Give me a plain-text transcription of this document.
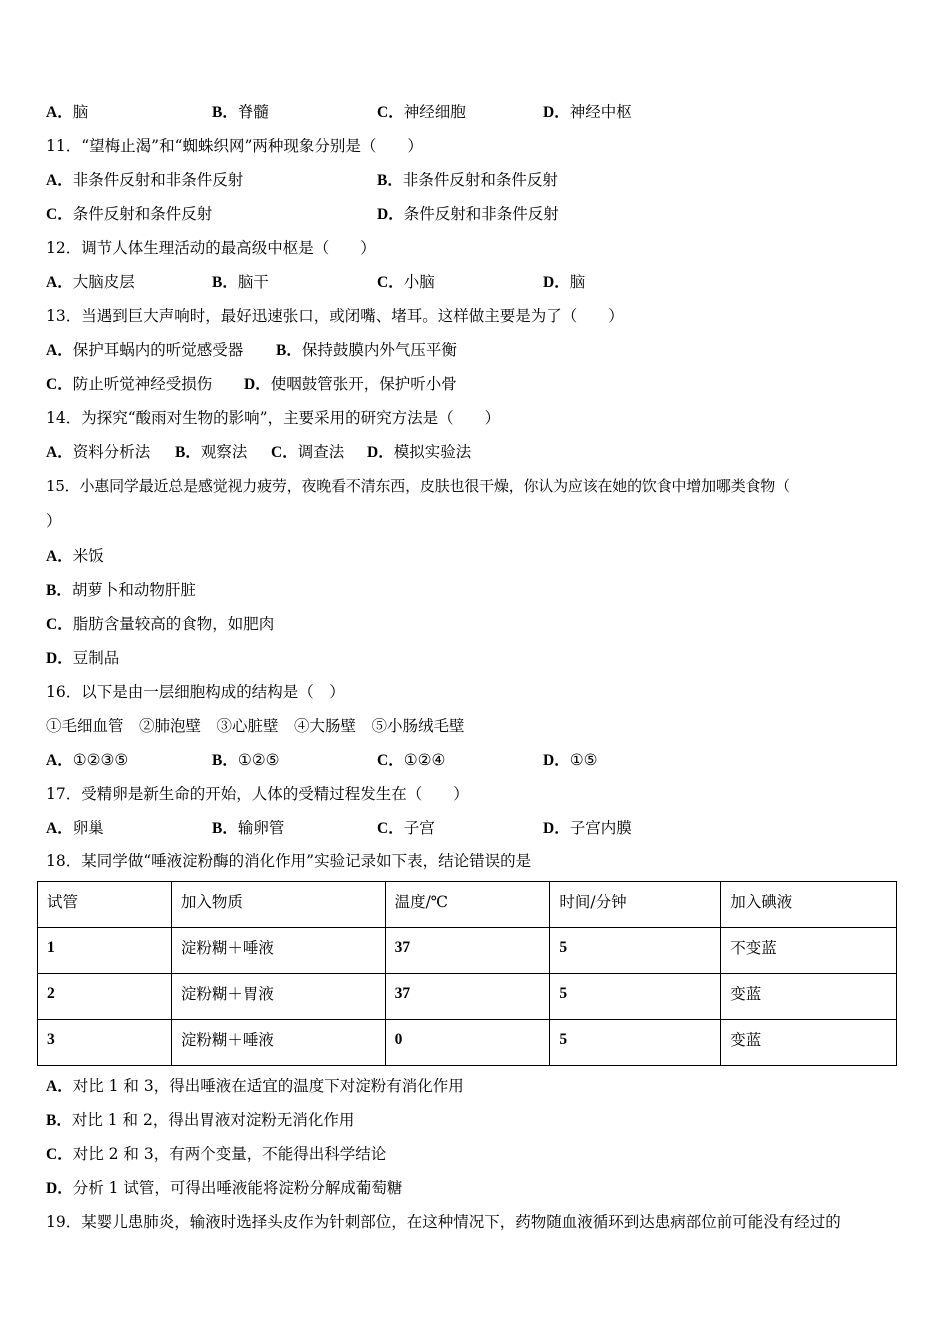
A．脑	B．脊髓	C．神经细胞	D．神经中枢
11．“望梅止渴”和“蜘蛛织网”两种现象分别是（　　）
A．非条件反射和非条件反射	B．非条件反射和条件反射
C．条件反射和条件反射	D．条件反射和非条件反射
12．调节人体生理活动的最高级中枢是（　　）
A．大脑皮层	B．脑干	C．小脑	D．脑
13．当遇到巨大声响时，最好迅速张口，或闭嘴、堵耳。这样做主要是为了（　　）
A．保护耳蜗内的听觉感受器 B．保持鼓膜内外气压平衡
C．防止听觉神经受损伤 D．使咽鼓管张开，保护听小骨
14．为探究“酸雨对生物的影响”，主要采用的研究方法是（　　）
A．资料分析法 B．观察法 C．调查法 D．模拟实验法
15．小惠同学最近总是感觉视力疲劳，夜晚看不清东西，皮肤也很干燥，你认为应该在她的饮食中增加哪类食物（
）
A．米饭
B．胡萝卜和动物肝脏
C．脂肪含量较高的食物，如肥肉
D．豆制品
16．以下是由一层细胞构成的结构是（　）
①毛细血管　②肺泡壁　③心脏壁　④大肠壁　⑤小肠绒毛壁
A．①②③⑤	B．①②⑤	C．①②④	D．①⑤
17．受精卵是新生命的开始，人体的受精过程发生在（　　）
A．卵巢	B．输卵管	C．子宫	D．子宫内膜
18．某同学做“唾液淀粉酶的消化作用”实验记录如下表，结论错误的是
试管	加入物质	温度/℃	时间/分钟	加入碘液
1	淀粉糊＋唾液	37	5	不变蓝
2	淀粉糊＋胃液	37	5	变蓝
3	淀粉糊＋唾液	0	5	变蓝
A．对比 1 和 3，得出唾液在适宜的温度下对淀粉有消化作用
B．对比 1 和 2，得出胃液对淀粉无消化作用
C．对比 2 和 3，有两个变量，不能得出科学结论
D．分析 1 试管，可得出唾液能将淀粉分解成葡萄糖
19．某婴儿患肺炎，输液时选择头皮作为针刺部位，在这种情况下，药物随血液循环到达患病部位前可能没有经过的
